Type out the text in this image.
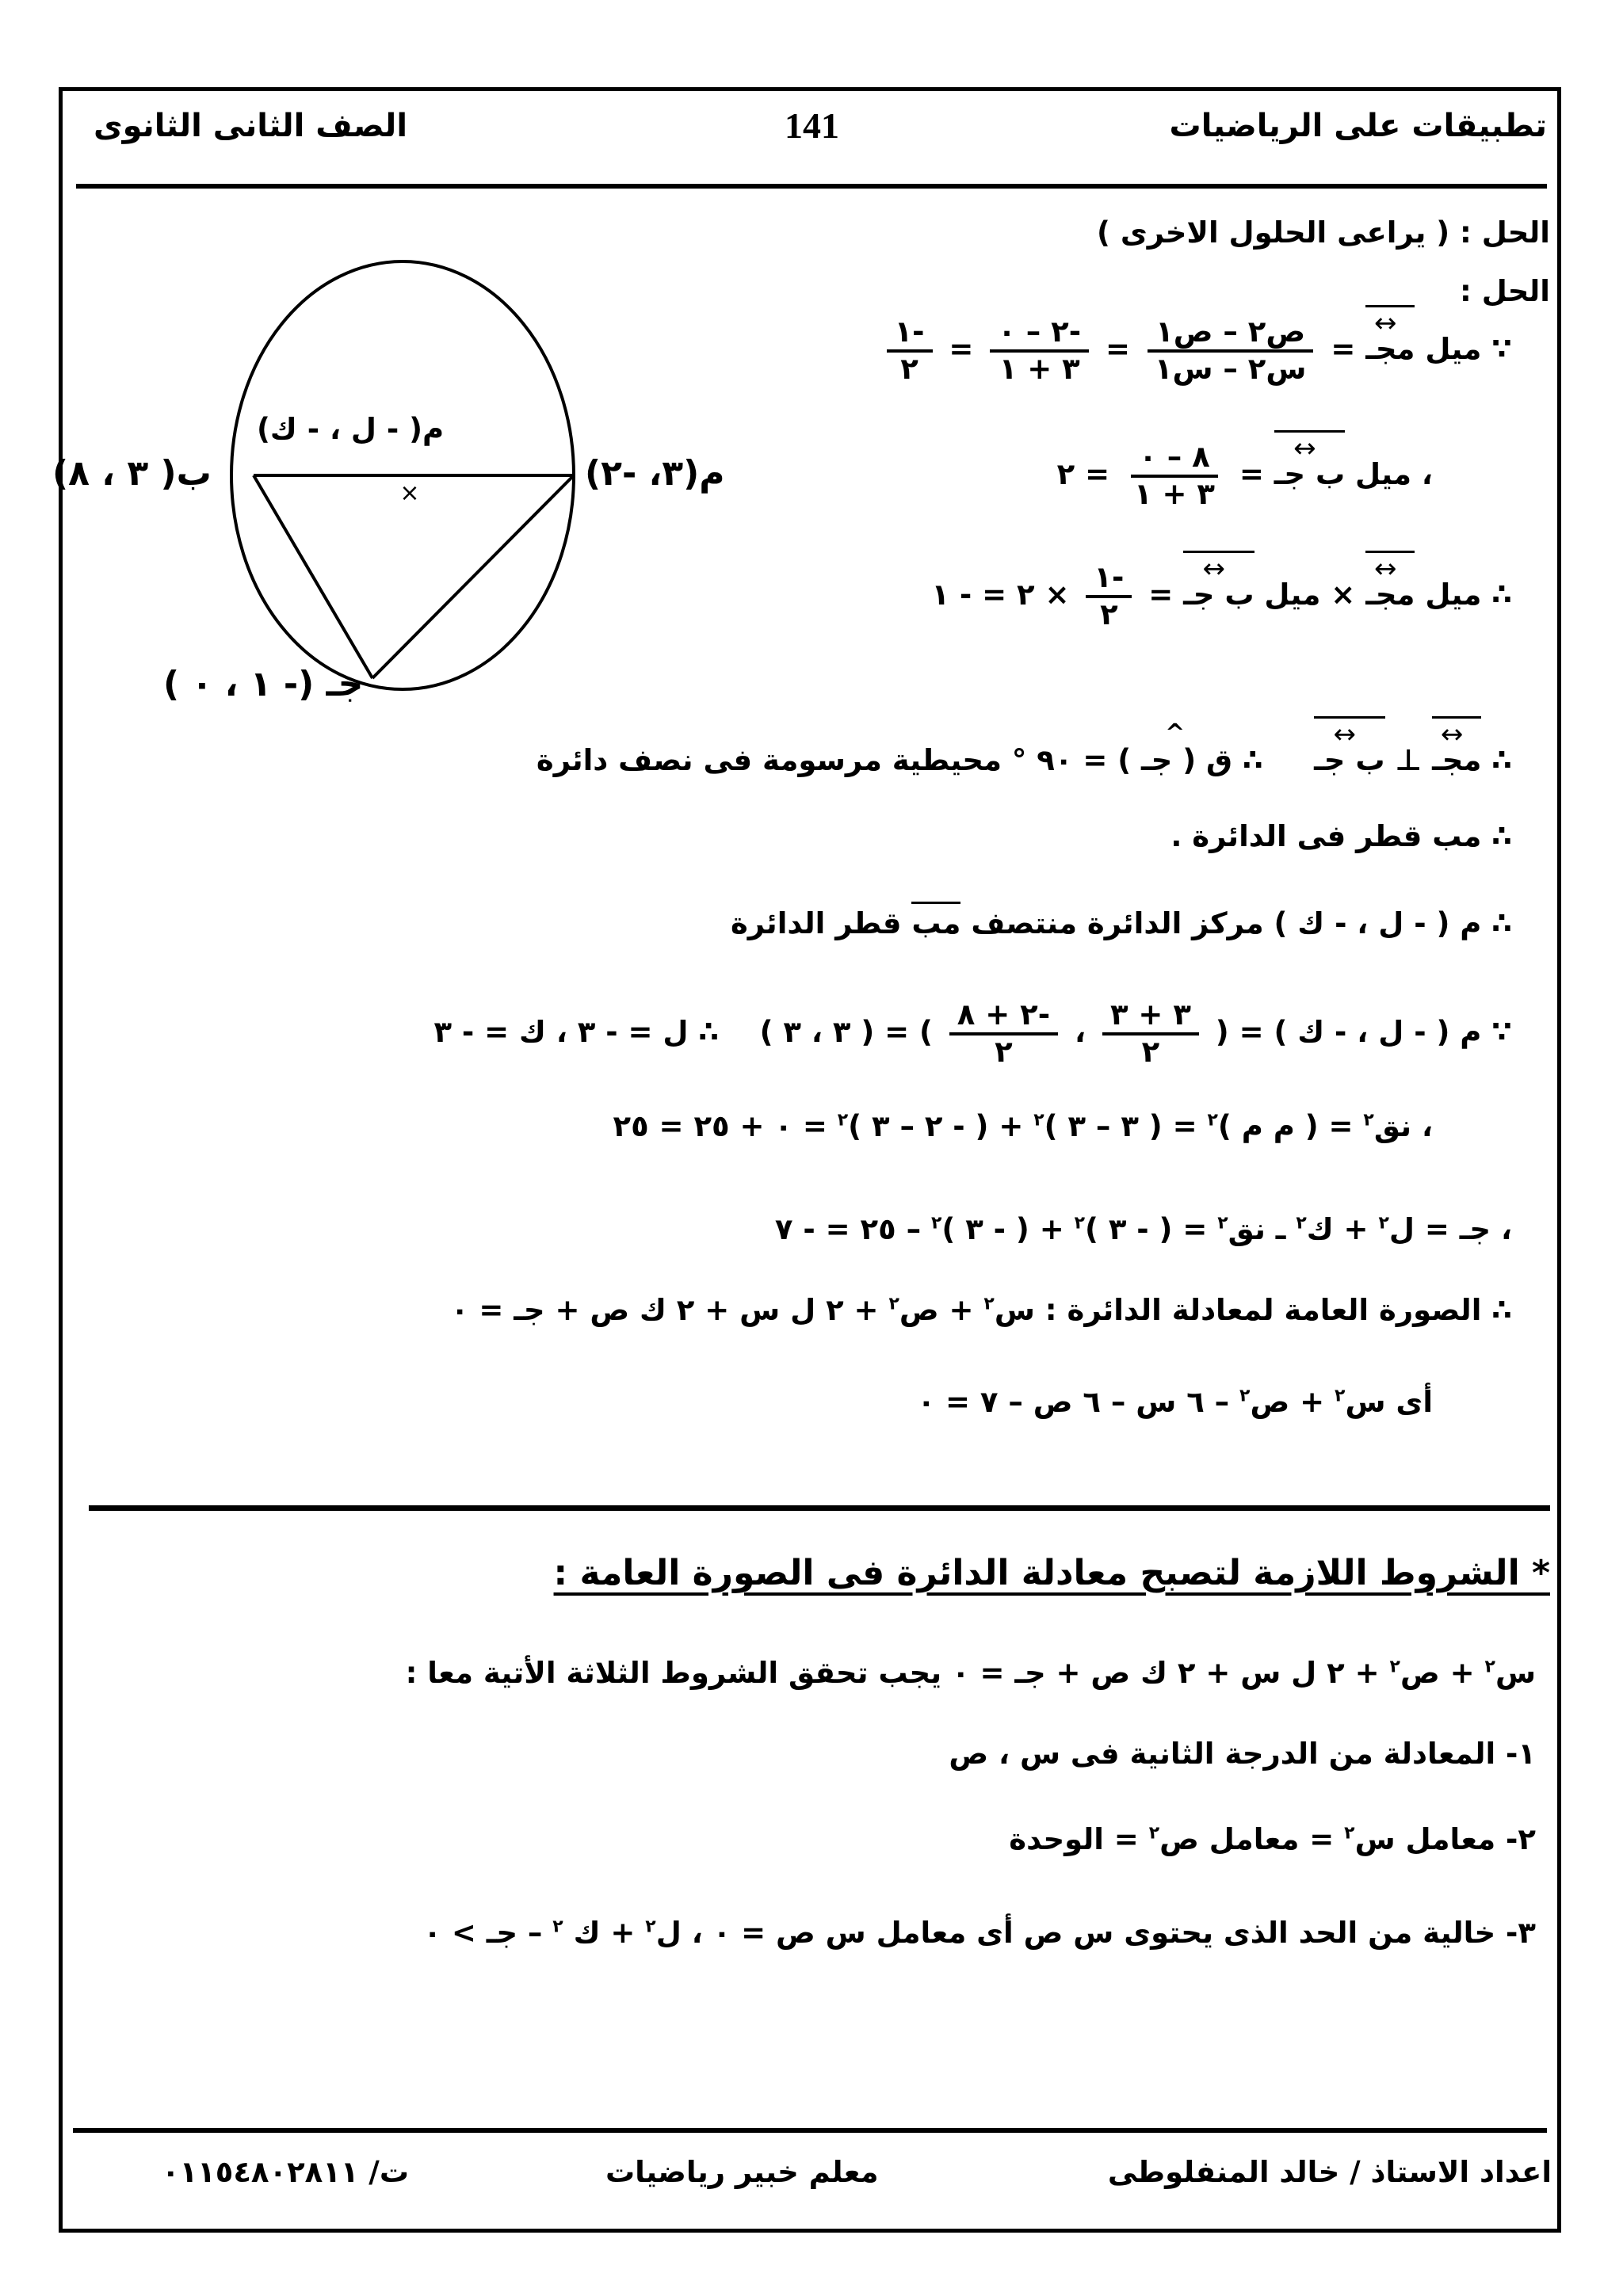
تطبيقات على الرياضيات
141
الصف الثانى الثانوى
الحل : ( يراعى الحلول الاخرى )
الحل :
∵ ميل ↔ مجـ =
$\frac{\text{ص٢ – ص١}}{\text{س٢ – س١}}$
=
$\frac{-٢ - ٠}{٣ + ١}$
=
$\frac{-١}{٢}$
، ميل ↔ ب جـ =
$\frac{٨ - ٠}{٣ + ١}$
= ٢
∴ ميل ↔ مجـ × ميل ↔ ب جـ =
$\frac{-١}{٢}$
× ٢ = - ١
×
ب( ٣ ، ٨)	م(٣، -٢)
م( - ل ، - ك)
جـ (- ١ ، ٠ )
∴ ↔ مجـ ⊥ ↔ ب جـ     ∴ ^ ق ( جـ ) = ٩٠ ° محيطية مرسومة فى نصف دائرة
∴ مب قطر فى الدائرة .
∴ م ( - ل ، - ك ) مركز الدائرة منتصف مب قطر الدائرة
∵ م ( - ل ، - ك ) = (
$\frac{٣ + ٣}{٢}$
،
$\frac{-٢ + ٨}{٢}$
) = ( ٣ ، ٣ )    ∴ ل = - ٣ ، ك = - ٣
، نق$^٢$ = ( م م )$^٢$ = ( ٣ – ٣ )$^٢$ + ( - ٢ – ٣ )$^٢$ = ٠ + ٢٥ = ٢٥
، جـ = ل$^٢$ + ك$^٢$ ـ نق$^٢$ = ( - ٣ )$^٢$ + ( - ٣ )$^٢$ – ٢٥ = - ٧
∴ الصورة العامة لمعادلة الدائرة : س$^٢$ + ص$^٢$ + ٢ ل س + ٢ ك ص + جـ = ٠
أى س$^٢$ + ص$^٢$ – ٦ س – ٦ ص – ٧ = ٠
* الشروط اللازمة لتصبح معادلة الدائرة فى الصورة العامة :
س$^٢$ + ص$^٢$ + ٢ ل س + ٢ ك ص + جـ = ٠ يجب تحقق الشروط الثلاثة الأتية معا :
١- المعادلة من الدرجة الثانية فى س ، ص
٢- معامل س$^٢$ = معامل ص$^٢$ = الوحدة
٣- خالية من الحد الذى يحتوى س ص أى معامل س ص = ٠ ، ل$^٢$ + ك $^٢$ – جـ > ٠
اعداد الاستاذ / خالد المنفلوطى
معلم خبير رياضيات
ت/ ٠١١٥٤٨٠٢٨١١
